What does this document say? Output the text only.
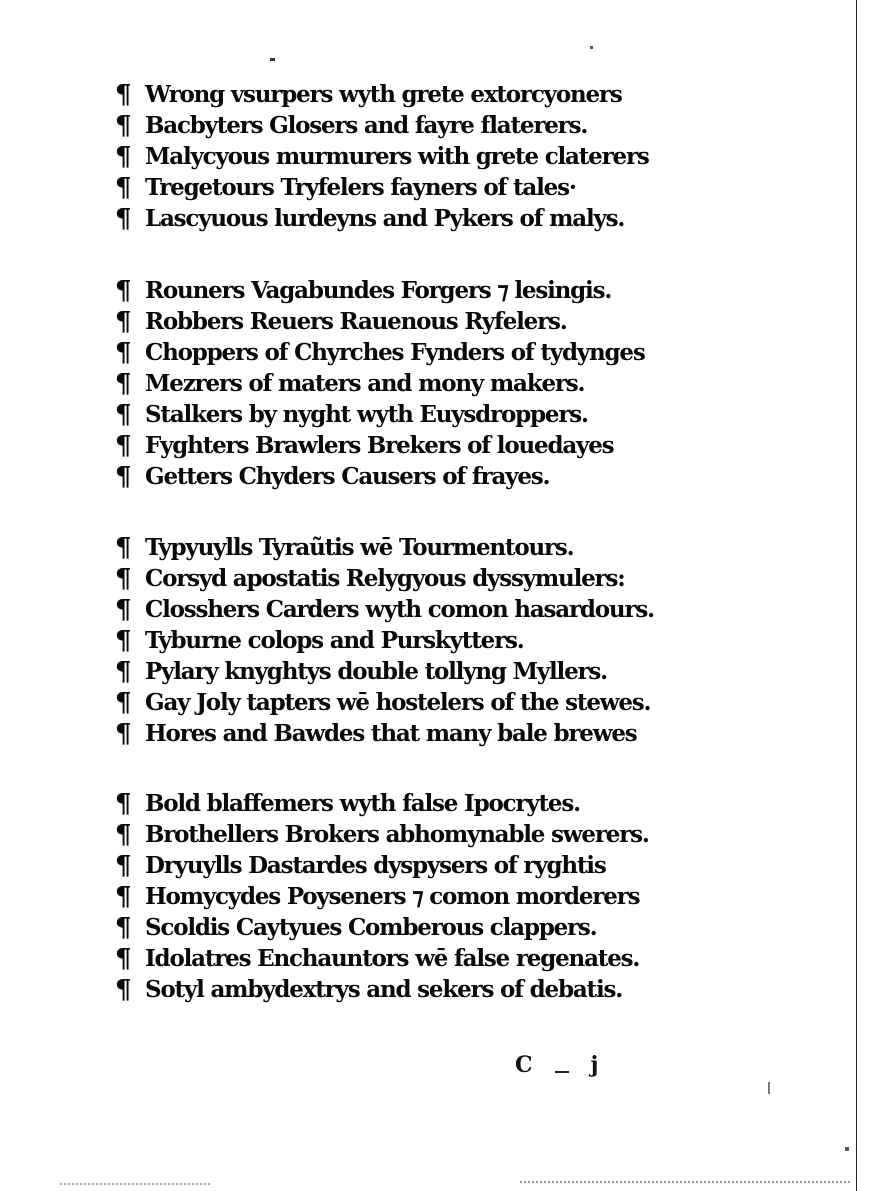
¶ Wrong vsurpers wyth grete extorcyoners
¶ Bacbyters Glosers and fayre flaterers.
¶ Malycyous murmurers with grete claterers
¶ Tregetours Tryfelers fayners of tales·
¶ Lascyuous lurdeyns and Pykers of malys.
¶ Rouners Vagabundes Forgers ⁊ lesingis.
¶ Robbers Reuers Rauenous Ryfelers.
¶ Choppers of Chyrches Fynders of tydynges
¶ Mezrers of maters and mony makers.
¶ Stalkers by nyght wyth Euysdroppers.
¶ Fyghters Brawlers Brekers of louedayes
¶ Getters Chyders Causers of frayes.
¶ Typyuylls Tyraũtis wē Tourmentours.
¶ Corsyd apostatis Relygyous dyssymulers:
¶ Closshers Carders wyth comon hasardours.
¶ Tyburne colops and Purskytters.
¶ Pylary knyghtys double tollyng Myllers.
¶ Gay Joly tapters wē hostelers of the stewes.
¶ Hores and Bawdes that many bale brewes
¶ Bold blaffemers wyth false Ipocrytes.
¶ Brothellers Brokers abhomynable swerers.
¶ Dryuylls Dastardes dyspysers of ryghtis
¶ Homycydes Poyseners ⁊ comon morderers
¶ Scoldis Caytyues Comberous clappers.
¶ Idolatres Enchauntors wē false regenates.
¶ Sotyl ambydextrys and sekers of debatis.
C	j
